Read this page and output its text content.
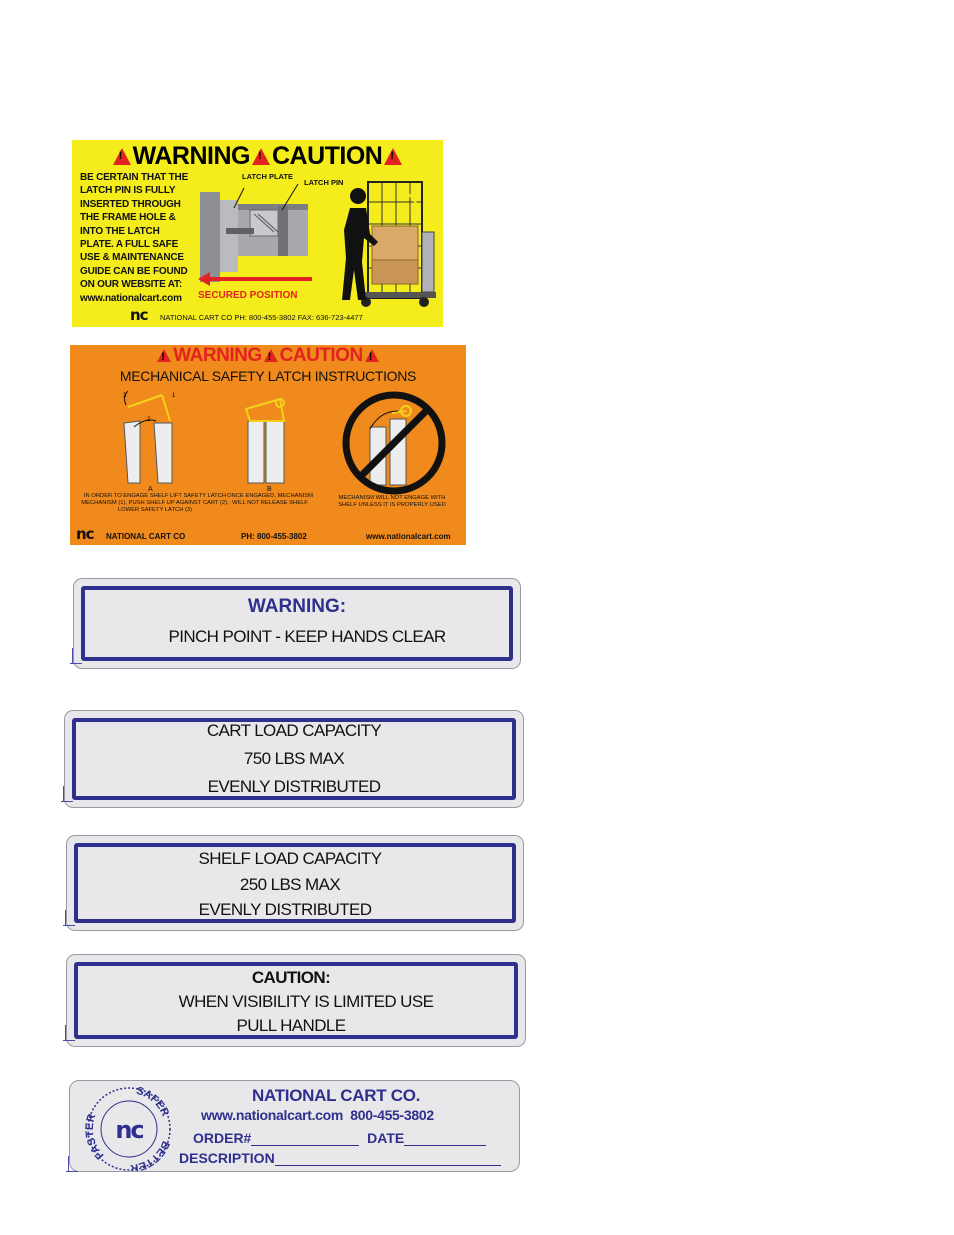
!WARNING ! CAUTION!
BE CERTAIN THAT THE
LATCH PIN IS FULLY
INSERTED THROUGH
THE FRAME HOLE &
INTO THE LATCH
PLATE. A FULL SAFE
USE & MAINTENANCE
GUIDE CAN BE FOUND
ON OUR WEBSITE AT:
www.nationalcart.com
LATCH PLATE
LATCH PIN
SECURED POSITION
nc NATIONAL CART CO PH: 800-455-3802 FAX: 636-723-4477
!WARNING ! CAUTION!
MECHANICAL SAFETY LATCH INSTRUCTIONS
2
3	1
A
IN ORDER TO ENGAGE SHELF LIFT SAFETY LATCH MECHANISM (1), PUSH SHELF UP AGAINST CART (2), LOWER SAFETY LATCH (3)
B
ONCE ENGAGED, MECHANISM WILL NOT RELEASE SHELF
MECHANISM WILL NOT ENGAGE WITH SHELF UNLESS IT IS PROPERLY USED
nc NATIONAL CART CO	PH: 800-455-3802	www.nationalcart.com
WARNING:
PINCH POINT - KEEP HANDS CLEAR
CART LOAD CAPACITY
750 LBS MAX
EVENLY DISTRIBUTED
SHELF LOAD CAPACITY
250 LBS MAX
EVENLY DISTRIBUTED
CAUTION:
WHEN VISIBILITY IS LIMITED USE
PULL HANDLE
SAFER
BETTER
FASTER nc
NATIONAL CART CO.
www.nationalcart.com 800-455-3802
ORDER#	DATE
DESCRIPTION
